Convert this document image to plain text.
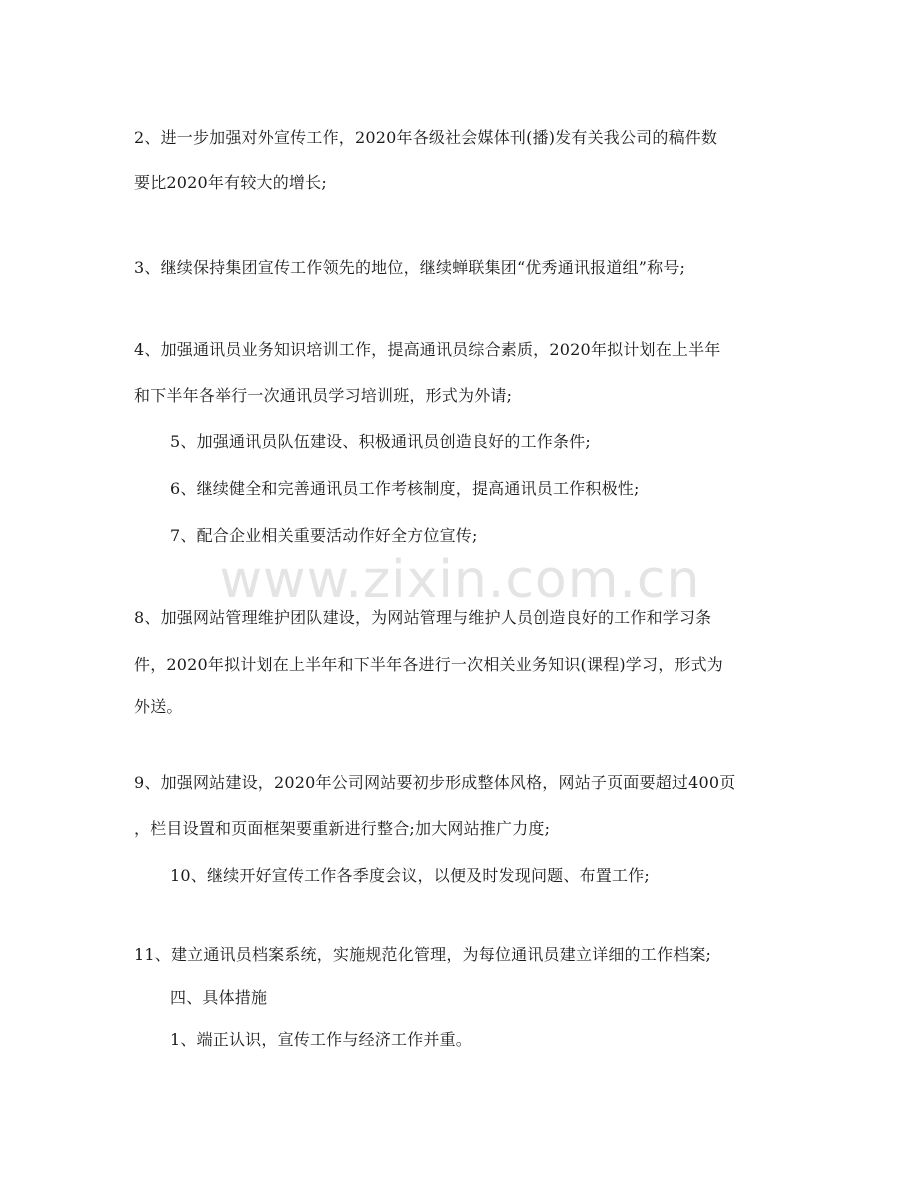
2、进一步加强对外宣传工作，2020年各级社会媒体刊(播)发有关我公司的稿件数
要比2020年有较大的增长;
3、继续保持集团宣传工作领先的地位，继续蝉联集团“优秀通讯报道组”称号;
4、加强通讯员业务知识培训工作，提高通讯员综合素质，2020年拟计划在上半年
和下半年各举行一次通讯员学习培训班，形式为外请;
5、加强通讯员队伍建设、积极通讯员创造良好的工作条件;
6、继续健全和完善通讯员工作考核制度，提高通讯员工作积极性;
7、配合企业相关重要活动作好全方位宣传;
8、加强网站管理维护团队建设，为网站管理与维护人员创造良好的工作和学习条
件，2020年拟计划在上半年和下半年各进行一次相关业务知识(课程)学习，形式为
外送。
9、加强网站建设，2020年公司网站要初步形成整体风格，网站子页面要超过400页
，栏目设置和页面框架要重新进行整合;加大网站推广力度;
10、继续开好宣传工作各季度会议，以便及时发现问题、布置工作;
11、建立通讯员档案系统，实施规范化管理，为每位通讯员建立详细的工作档案;
四、具体措施
1、端正认识，宣传工作与经济工作并重。
www.zixin.com.cn
